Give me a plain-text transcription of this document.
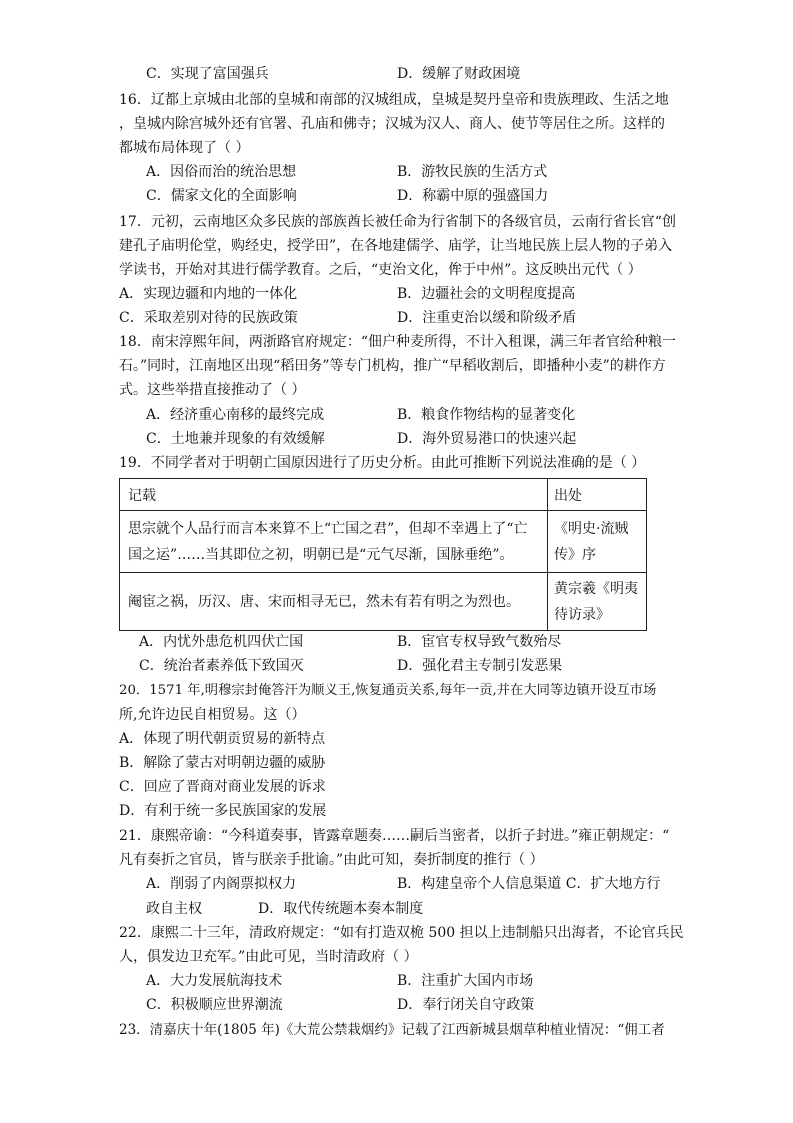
C．实现了富国强兵	D．缓解了财政困境
16．辽都上京城由北部的皇城和南部的汉城组成，皇城是契丹皇帝和贵族理政、生活之地
，皇城内除宫城外还有官署、孔庙和佛寺；汉城为汉人、商人、使节等居住之所。这样的
都城布局体现了（ ）
A．因俗而治的统治思想	B．游牧民族的生活方式
C．儒家文化的全面影响	D．称霸中原的强盛国力
17．元初，云南地区众多民族的部族酋长被任命为行省制下的各级官员，云南行省长官“创
建孔子庙明伦堂，购经史，授学田”，在各地建儒学、庙学，让当地民族上层人物的子弟入
学读书，开始对其进行儒学教育。之后，“吏治文化，侔于中州”。这反映出元代（ ）
A．实现边疆和内地的一体化	B．边疆社会的文明程度提高
C．采取差别对待的民族政策	D．注重吏治以缓和阶级矛盾
18．南宋淳熙年间，两浙路官府规定：“佃户种麦所得，不计入租课，满三年者官给种粮一
石。”同时，江南地区出现“稻田务”等专门机构，推广“早稻收割后，即播种小麦”的耕作方
式。这些举措直接推动了（ ）
A．经济重心南移的最终完成	B．粮食作物结构的显著变化
C．土地兼并现象的有效缓解	D．海外贸易港口的快速兴起
19．不同学者对于明朝亡国原因进行了历史分析。由此可推断下列说法准确的是（ ）
记载	出处

思宗就个人品行而言本来算不上“亡国之君”，但却不幸遇上了“亡
国之运”……当其即位之初，明朝已是“元气尽渐，国脉垂绝”。	《明史·流贼
传》序

阉宦之祸，历汉、唐、宋而相寻无已，然未有若有明之为烈也。	黄宗羲《明夷
待访录》
A．内忧外患危机四伏亡国	B．宦官专权导致气数殆尽
C．统治者素养低下致国灭	D．强化君主专制引发恶果
20．1571 年,明穆宗封俺答汗为顺义王,恢复通贡关系,每年一贡,并在大同等边镇开设互市场
所,允许边民自相贸易。这（）
A．体现了明代朝贡贸易的新特点
B．解除了蒙古对明朝边疆的威胁
C．回应了晋商对商业发展的诉求
D．有利于统一多民族国家的发展
21．康熙帝谕：“今科道奏事，皆露章题奏……嗣后当密者，以折子封进。”雍正朝规定：“
凡有奏折之官员，皆与朕亲手批谕。”由此可知，奏折制度的推行（ ）
A．削弱了内阁票拟权力	B．构建皇帝个人信息渠道 C．扩大地方行
政自主权	D．取代传统题本奏本制度
22．康熙二十三年，清政府规定：“如有打造双桅 500 担以上违制船只出海者，不论官兵民
人，俱发边卫充军。”由此可见，当时清政府（ ）
A．大力发展航海技术	B．注重扩大国内市场
C．积极顺应世界潮流	D．奉行闭关自守政策
23．清嘉庆十年(1805 年)《大荒公禁栽烟约》记载了江西新城县烟草种植业情况：“佣工者
